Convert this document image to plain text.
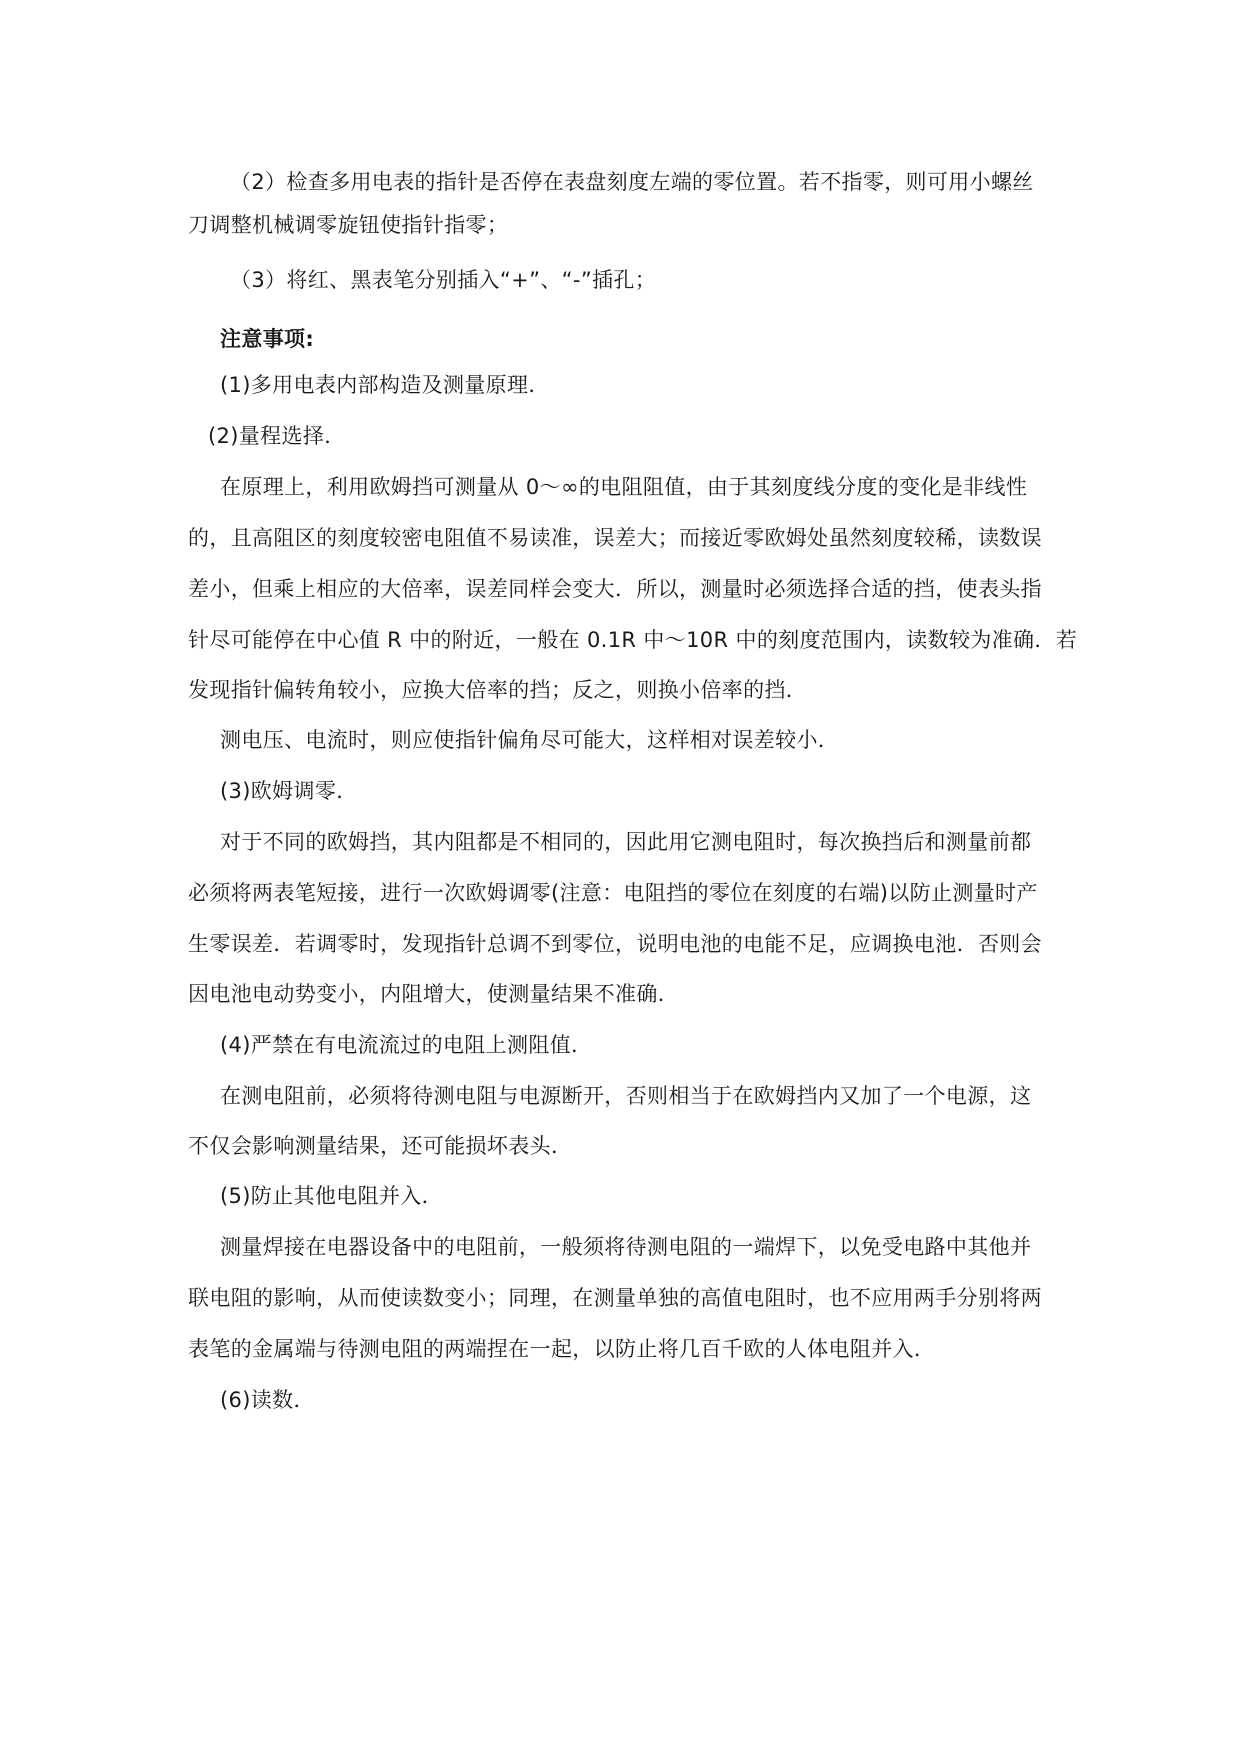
（2）检查多用电表的指针是否停在表盘刻度左端的零位置。若不指零，则可用小螺丝
刀调整机械调零旋钮使指针指零；
（3）将红、黑表笔分别插入“+”、“-”插孔；
注意事项:
(1)多用电表内部构造及测量原理．
(2)量程选择．
在原理上，利用欧姆挡可测量从 0～∞的电阻阻值，由于其刻度线分度的变化是非线性
的，且高阻区的刻度较密电阻值不易读准，误差大；而接近零欧姆处虽然刻度较稀，读数误
差小，但乘上相应的大倍率，误差同样会变大．所以，测量时必须选择合适的挡，使表头指
针尽可能停在中心值 R 中的附近，一般在 0.1R 中～10R 中的刻度范围内，读数较为准确．若
发现指针偏转角较小，应换大倍率的挡；反之，则换小倍率的挡．
测电压、电流时，则应使指针偏角尽可能大，这样相对误差较小．
(3)欧姆调零．
对于不同的欧姆挡，其内阻都是不相同的，因此用它测电阻时，每次换挡后和测量前都
必须将两表笔短接，进行一次欧姆调零(注意：电阻挡的零位在刻度的右端)以防止测量时产
生零误差．若调零时，发现指针总调不到零位，说明电池的电能不足，应调换电池．否则会
因电池电动势变小，内阻增大，使测量结果不准确．
(4)严禁在有电流流过的电阻上测阻值．
在测电阻前，必须将待测电阻与电源断开，否则相当于在欧姆挡内又加了一个电源，这
不仅会影响测量结果，还可能损坏表头．
(5)防止其他电阻并入．
测量焊接在电器设备中的电阻前，一般须将待测电阻的一端焊下，以免受电路中其他并
联电阻的影响，从而使读数变小；同理，在测量单独的高值电阻时，也不应用两手分别将两
表笔的金属端与待测电阻的两端捏在一起，以防止将几百千欧的人体电阻并入．
(6)读数．
